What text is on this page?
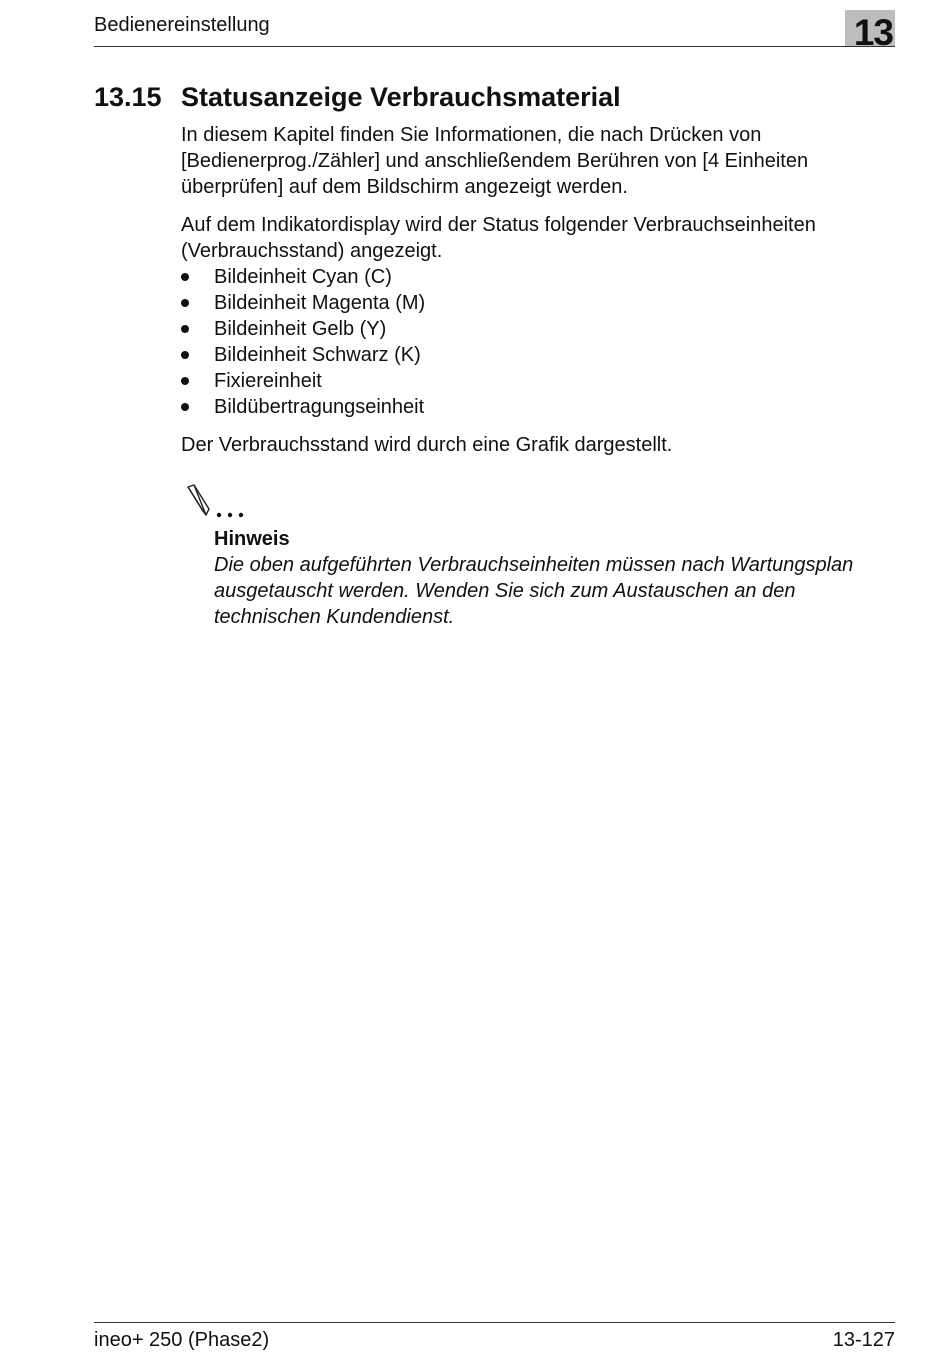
Bedienereinstellung	13
13.15 Statusanzeige Verbrauchsmaterial

In diesem Kapitel finden Sie Informationen, die nach Drücken von [Bedienerprog./Zähler] und anschließendem Berühren von [4 Einheiten überprüfen] auf dem Bildschirm angezeigt werden.

Auf dem Indikatordisplay wird der Status folgender Verbrauchseinheiten
(Verbrauchsstand) angezeigt.

Bildeinheit Cyan (C)
Bildeinheit Magenta (M)
Bildeinheit Gelb (Y)
Bildeinheit Schwarz (K)
Fixiereinheit
Bildübertragungseinheit

Der Verbrauchsstand wird durch eine Grafik dargestellt.

Hinweis

Die oben aufgeführten Verbrauchseinheiten müssen nach Wartungsplan ausgetauscht werden. Wenden Sie sich zum Austauschen an den technischen Kundendienst.

ineo+ 250 (Phase2)	13-127
